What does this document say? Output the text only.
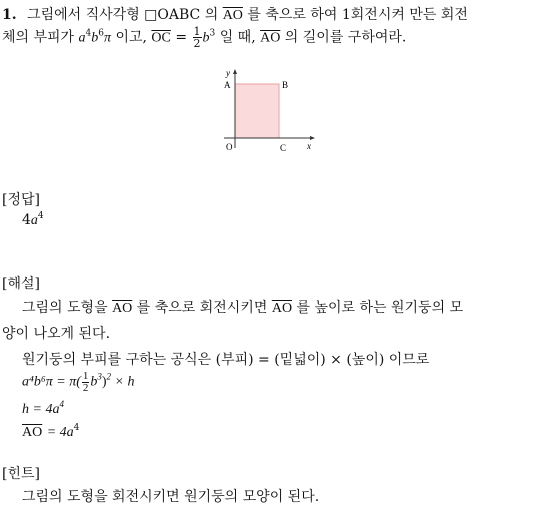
1. 그림에서 직사각형 □OABC 의 $\overline{AO}$ 를 축으로 하여 1회전시켜 만든 회전
체의 부피가 $a^4b^6\pi$ 이고, $\overline{OC} = \frac{1}{2} b^3$ 일 때, $\overline{AO}$ 의 길이를 구하여라.
y
x
A	B
O	C
[정답]
$4a^4$
[해설]
그림의 도형을 $\overline{AO}$ 를 축으로 회전시키면 $\overline{AO}$ 를 높이로 하는 원기둥의 모
양이 나오게 된다.
원기둥의 부피를 구하는 공식은 (부피) = (밑넓이) × (높이) 이므로
$a^4b^6\pi = \pi( \frac{1}{2} b^3)^2 \times h$
$h = 4a^4$
$\overline{AO} = 4a^4$
[힌트]
그림의 도형을 회전시키면 원기둥의 모양이 된다.
